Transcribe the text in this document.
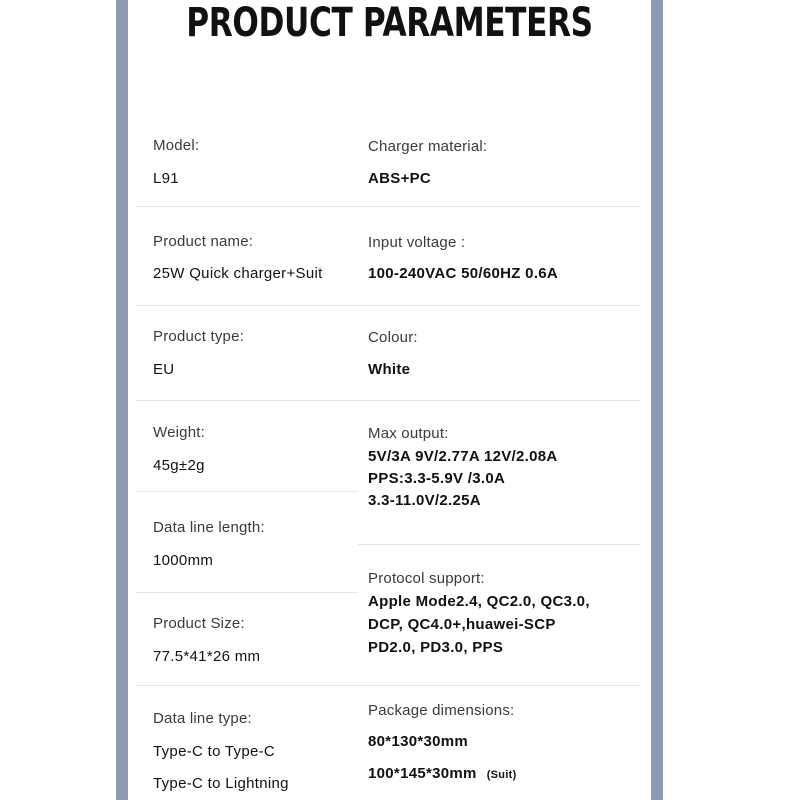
PRODUCT PARAMETERS
Model:
L91
Product name:
25W Quick charger+Suit
Product type:
EU
Weight:
45g±2g
Data line length:
1000mm
Product Size:
77.5*41*26 mm
Data line type:
Type-C to Type-C
Type-C to Lightning
Charger material:
ABS+PC
Input voltage :
100-240VAC 50/60HZ 0.6A
Colour:
White
Max output:
5V/3A 9V/2.77A 12V/2.08A
PPS:3.3-5.9V /3.0A
3.3-11.0V/2.25A
Protocol support:
Apple Mode2.4, QC2.0, QC3.0,
DCP, QC4.0+,huawei-SCP
PD2.0, PD3.0, PPS
Package dimensions:
80*130*30mm
100*145*30mm (Suit)
